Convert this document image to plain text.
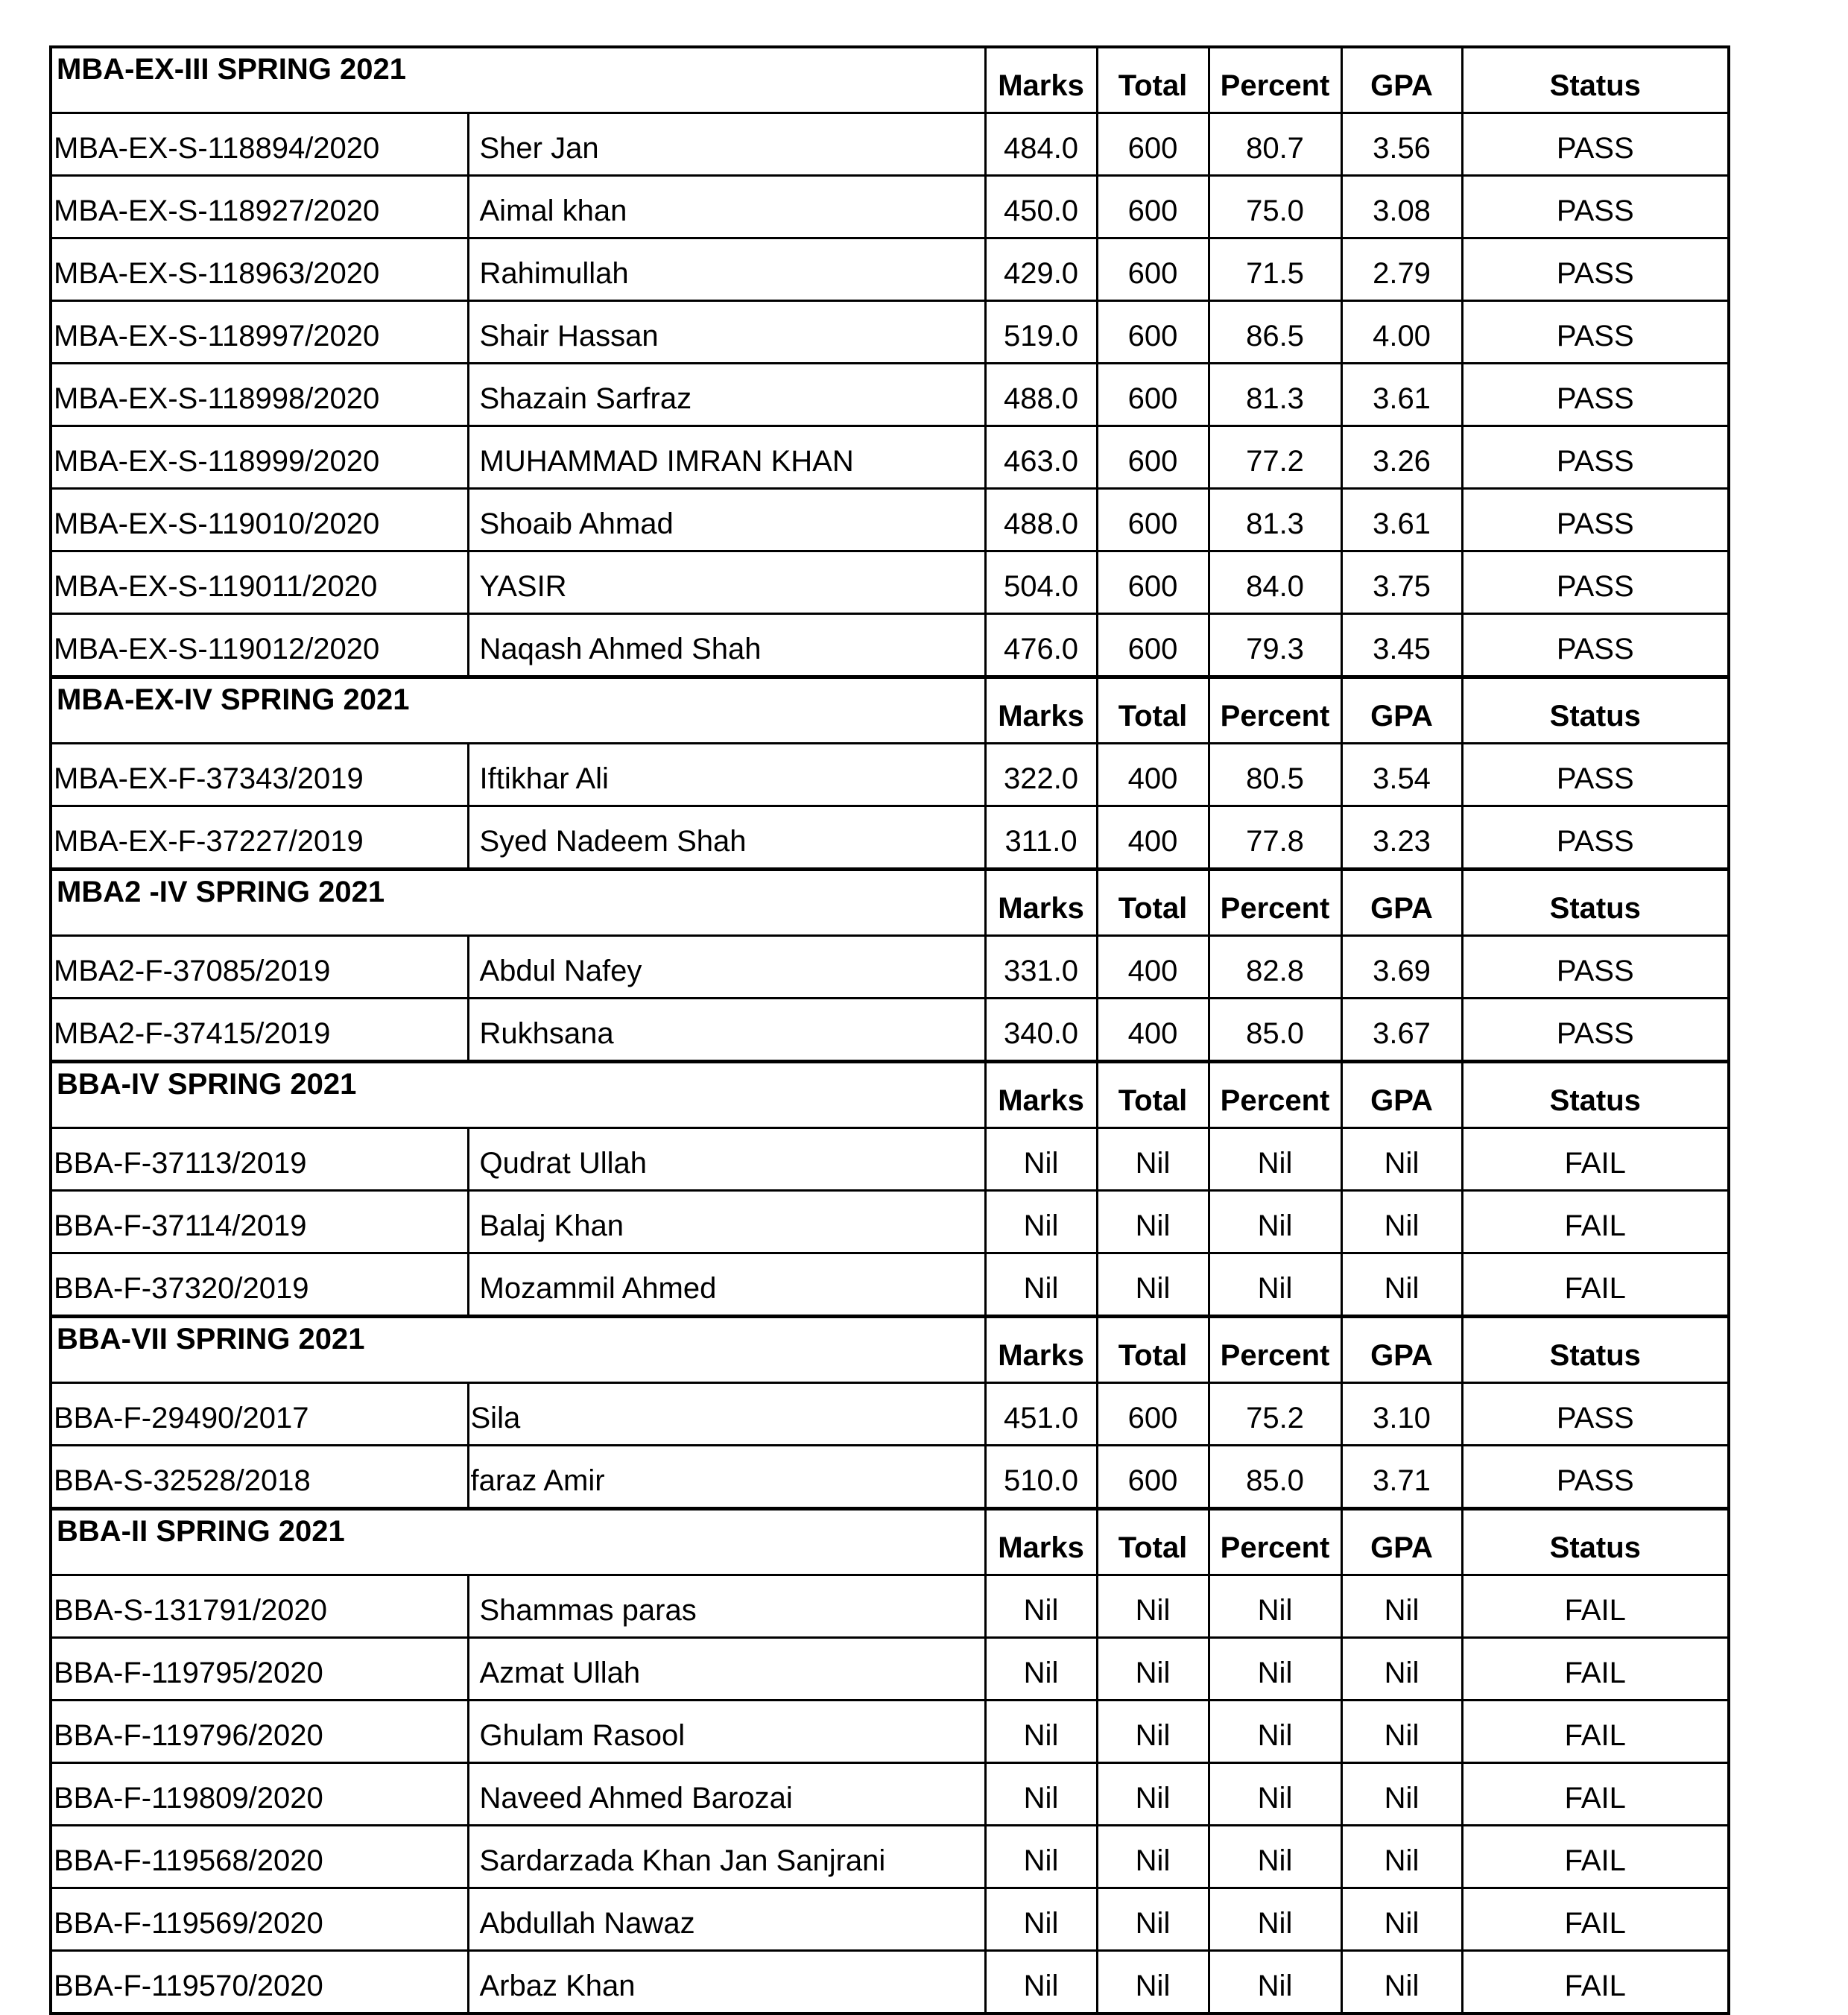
MBA-EX-III SPRING 2021		Marks	Total	Percent	GPA	Status
MBA-EX-S-118894/2020	Sher Jan	484.0	600	80.7	3.56	PASS
MBA-EX-S-118927/2020	Aimal khan	450.0	600	75.0	3.08	PASS
MBA-EX-S-118963/2020	Rahimullah	429.0	600	71.5	2.79	PASS
MBA-EX-S-118997/2020	Shair Hassan	519.0	600	86.5	4.00	PASS
MBA-EX-S-118998/2020	Shazain Sarfraz	488.0	600	81.3	3.61	PASS
MBA-EX-S-118999/2020	MUHAMMAD IMRAN KHAN	463.0	600	77.2	3.26	PASS
MBA-EX-S-119010/2020	Shoaib Ahmad	488.0	600	81.3	3.61	PASS
MBA-EX-S-119011/2020	YASIR	504.0	600	84.0	3.75	PASS
MBA-EX-S-119012/2020	Naqash Ahmed Shah	476.0	600	79.3	3.45	PASS
MBA-EX-IV SPRING 2021		Marks	Total	Percent	GPA	Status
MBA-EX-F-37343/2019	Iftikhar Ali	322.0	400	80.5	3.54	PASS
MBA-EX-F-37227/2019	Syed Nadeem Shah	311.0	400	77.8	3.23	PASS
MBA2 -IV SPRING 2021		Marks	Total	Percent	GPA	Status
MBA2-F-37085/2019	Abdul Nafey	331.0	400	82.8	3.69	PASS
MBA2-F-37415/2019	Rukhsana	340.0	400	85.0	3.67	PASS
BBA-IV SPRING 2021		Marks	Total	Percent	GPA	Status
BBA-F-37113/2019	Qudrat Ullah	Nil	Nil	Nil	Nil	FAIL
BBA-F-37114/2019	Balaj Khan	Nil	Nil	Nil	Nil	FAIL
BBA-F-37320/2019	Mozammil Ahmed	Nil	Nil	Nil	Nil	FAIL
BBA-VII SPRING 2021		Marks	Total	Percent	GPA	Status
BBA-F-29490/2017	Sila	451.0	600	75.2	3.10	PASS
BBA-S-32528/2018	faraz Amir	510.0	600	85.0	3.71	PASS
BBA-II SPRING 2021		Marks	Total	Percent	GPA	Status
BBA-S-131791/2020	Shammas paras	Nil	Nil	Nil	Nil	FAIL
BBA-F-119795/2020	Azmat Ullah	Nil	Nil	Nil	Nil	FAIL
BBA-F-119796/2020	Ghulam Rasool	Nil	Nil	Nil	Nil	FAIL
BBA-F-119809/2020	Naveed Ahmed Barozai	Nil	Nil	Nil	Nil	FAIL
BBA-F-119568/2020	Sardarzada Khan Jan Sanjrani	Nil	Nil	Nil	Nil	FAIL
BBA-F-119569/2020	Abdullah Nawaz	Nil	Nil	Nil	Nil	FAIL
BBA-F-119570/2020	Arbaz Khan	Nil	Nil	Nil	Nil	FAIL
